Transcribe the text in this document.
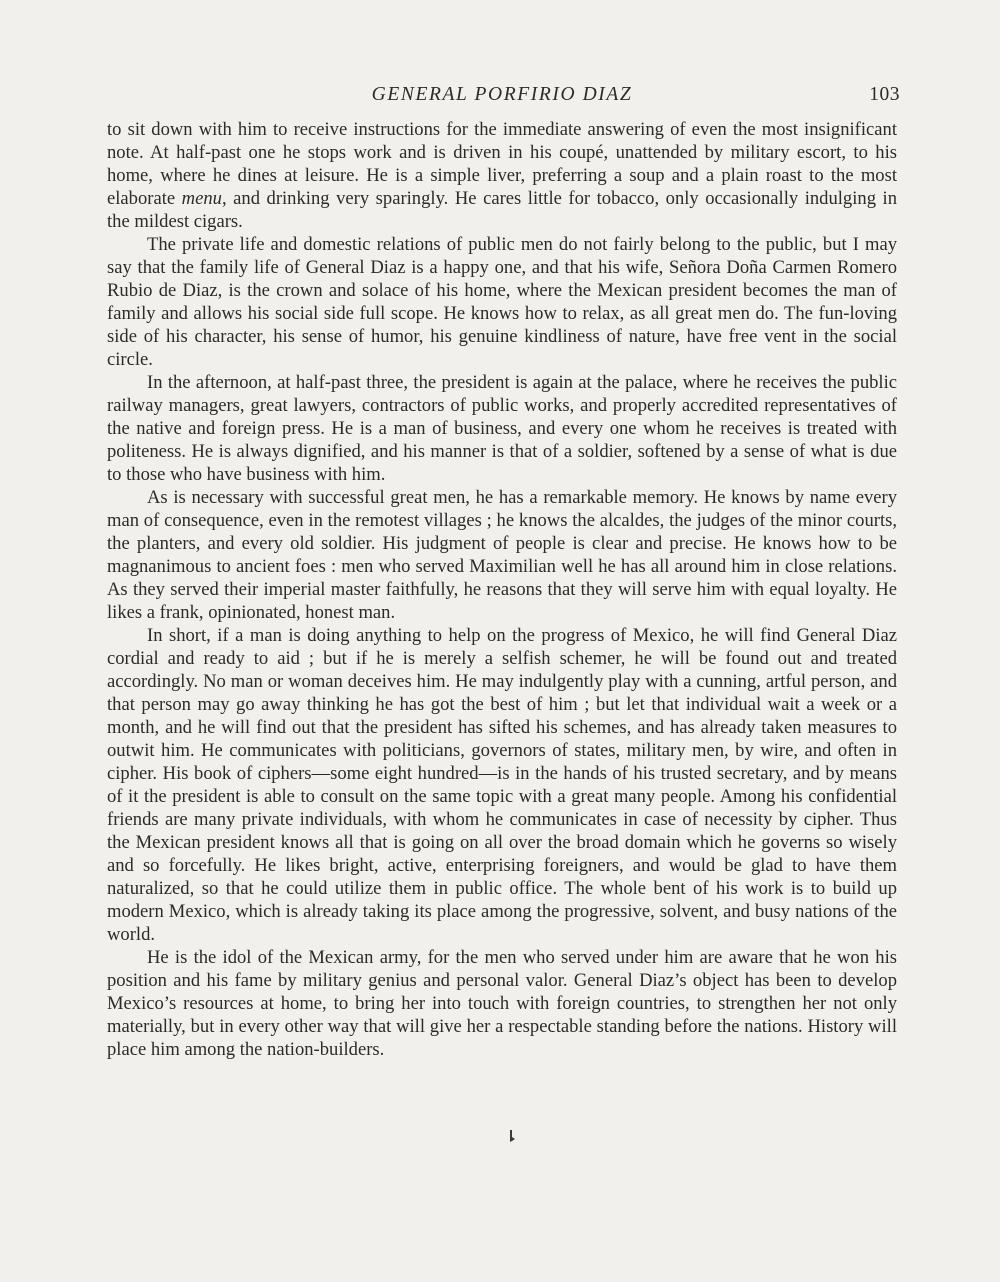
GENERAL PORFIRIO DIAZ	103

to sit down with him to receive instructions for the immediate answering of even the most insignificant note. At half-past one he stops work and is driven in his coupé, unattended by military escort, to his home, where he dines at leisure. He is a simple liver, preferring a soup and a plain roast to the most elaborate menu, and drinking very sparingly. He cares little for tobacco, only occasionally indulging in the mildest cigars.

The private life and domestic relations of public men do not fairly belong to the public, but I may say that the family life of General Diaz is a happy one, and that his wife, Señora Doña Carmen Romero Rubio de Diaz, is the crown and solace of his home, where the Mexican president becomes the man of family and allows his social side full scope. He knows how to relax, as all great men do. The fun-loving side of his character, his sense of humor, his genuine kindliness of nature, have free vent in the social circle.

In the afternoon, at half-past three, the president is again at the palace, where he receives the public railway managers, great lawyers, contractors of public works, and properly accredited representatives of the native and foreign press. He is a man of business, and every one whom he receives is treated with politeness. He is always dignified, and his manner is that of a soldier, softened by a sense of what is due to those who have business with him.

As is necessary with successful great men, he has a remarkable memory. He knows by name every man of consequence, even in the remotest villages ; he knows the alcaldes, the judges of the minor courts, the planters, and every old soldier. His judgment of people is clear and precise. He knows how to be magnanimous to ancient foes : men who served Maximilian well he has all around him in close relations. As they served their imperial master faithfully, he reasons that they will serve him with equal loyalty. He likes a frank, opinionated, honest man.

In short, if a man is doing anything to help on the progress of Mexico, he will find General Diaz cordial and ready to aid ; but if he is merely a selfish schemer, he will be found out and treated accordingly. No man or woman deceives him. He may indulgently play with a cunning, artful person, and that person may go away thinking he has got the best of him ; but let that individual wait a week or a month, and he will find out that the president has sifted his schemes, and has already taken measures to outwit him. He communicates with politicians, governors of states, military men, by wire, and often in cipher. His book of ciphers—some eight hundred—is in the hands of his trusted secretary, and by means of it the president is able to consult on the same topic with a great many people. Among his confidential friends are many private individuals, with whom he communicates in case of necessity by cipher. Thus the Mexican president knows all that is going on all over the broad domain which he governs so wisely and so forcefully. He likes bright, active, enterprising foreigners, and would be glad to have them naturalized, so that he could utilize them in public office. The whole bent of his work is to build up modern Mexico, which is already taking its place among the progressive, solvent, and busy nations of the world.

He is the idol of the Mexican army, for the men who served under him are aware that he won his position and his fame by military genius and personal valor. General Diaz’s object has been to develop Mexico’s resources at home, to bring her into touch with foreign countries, to strengthen her not only materially, but in every other way that will give her a respectable standing before the nations. History will place him among the nation-builders.
